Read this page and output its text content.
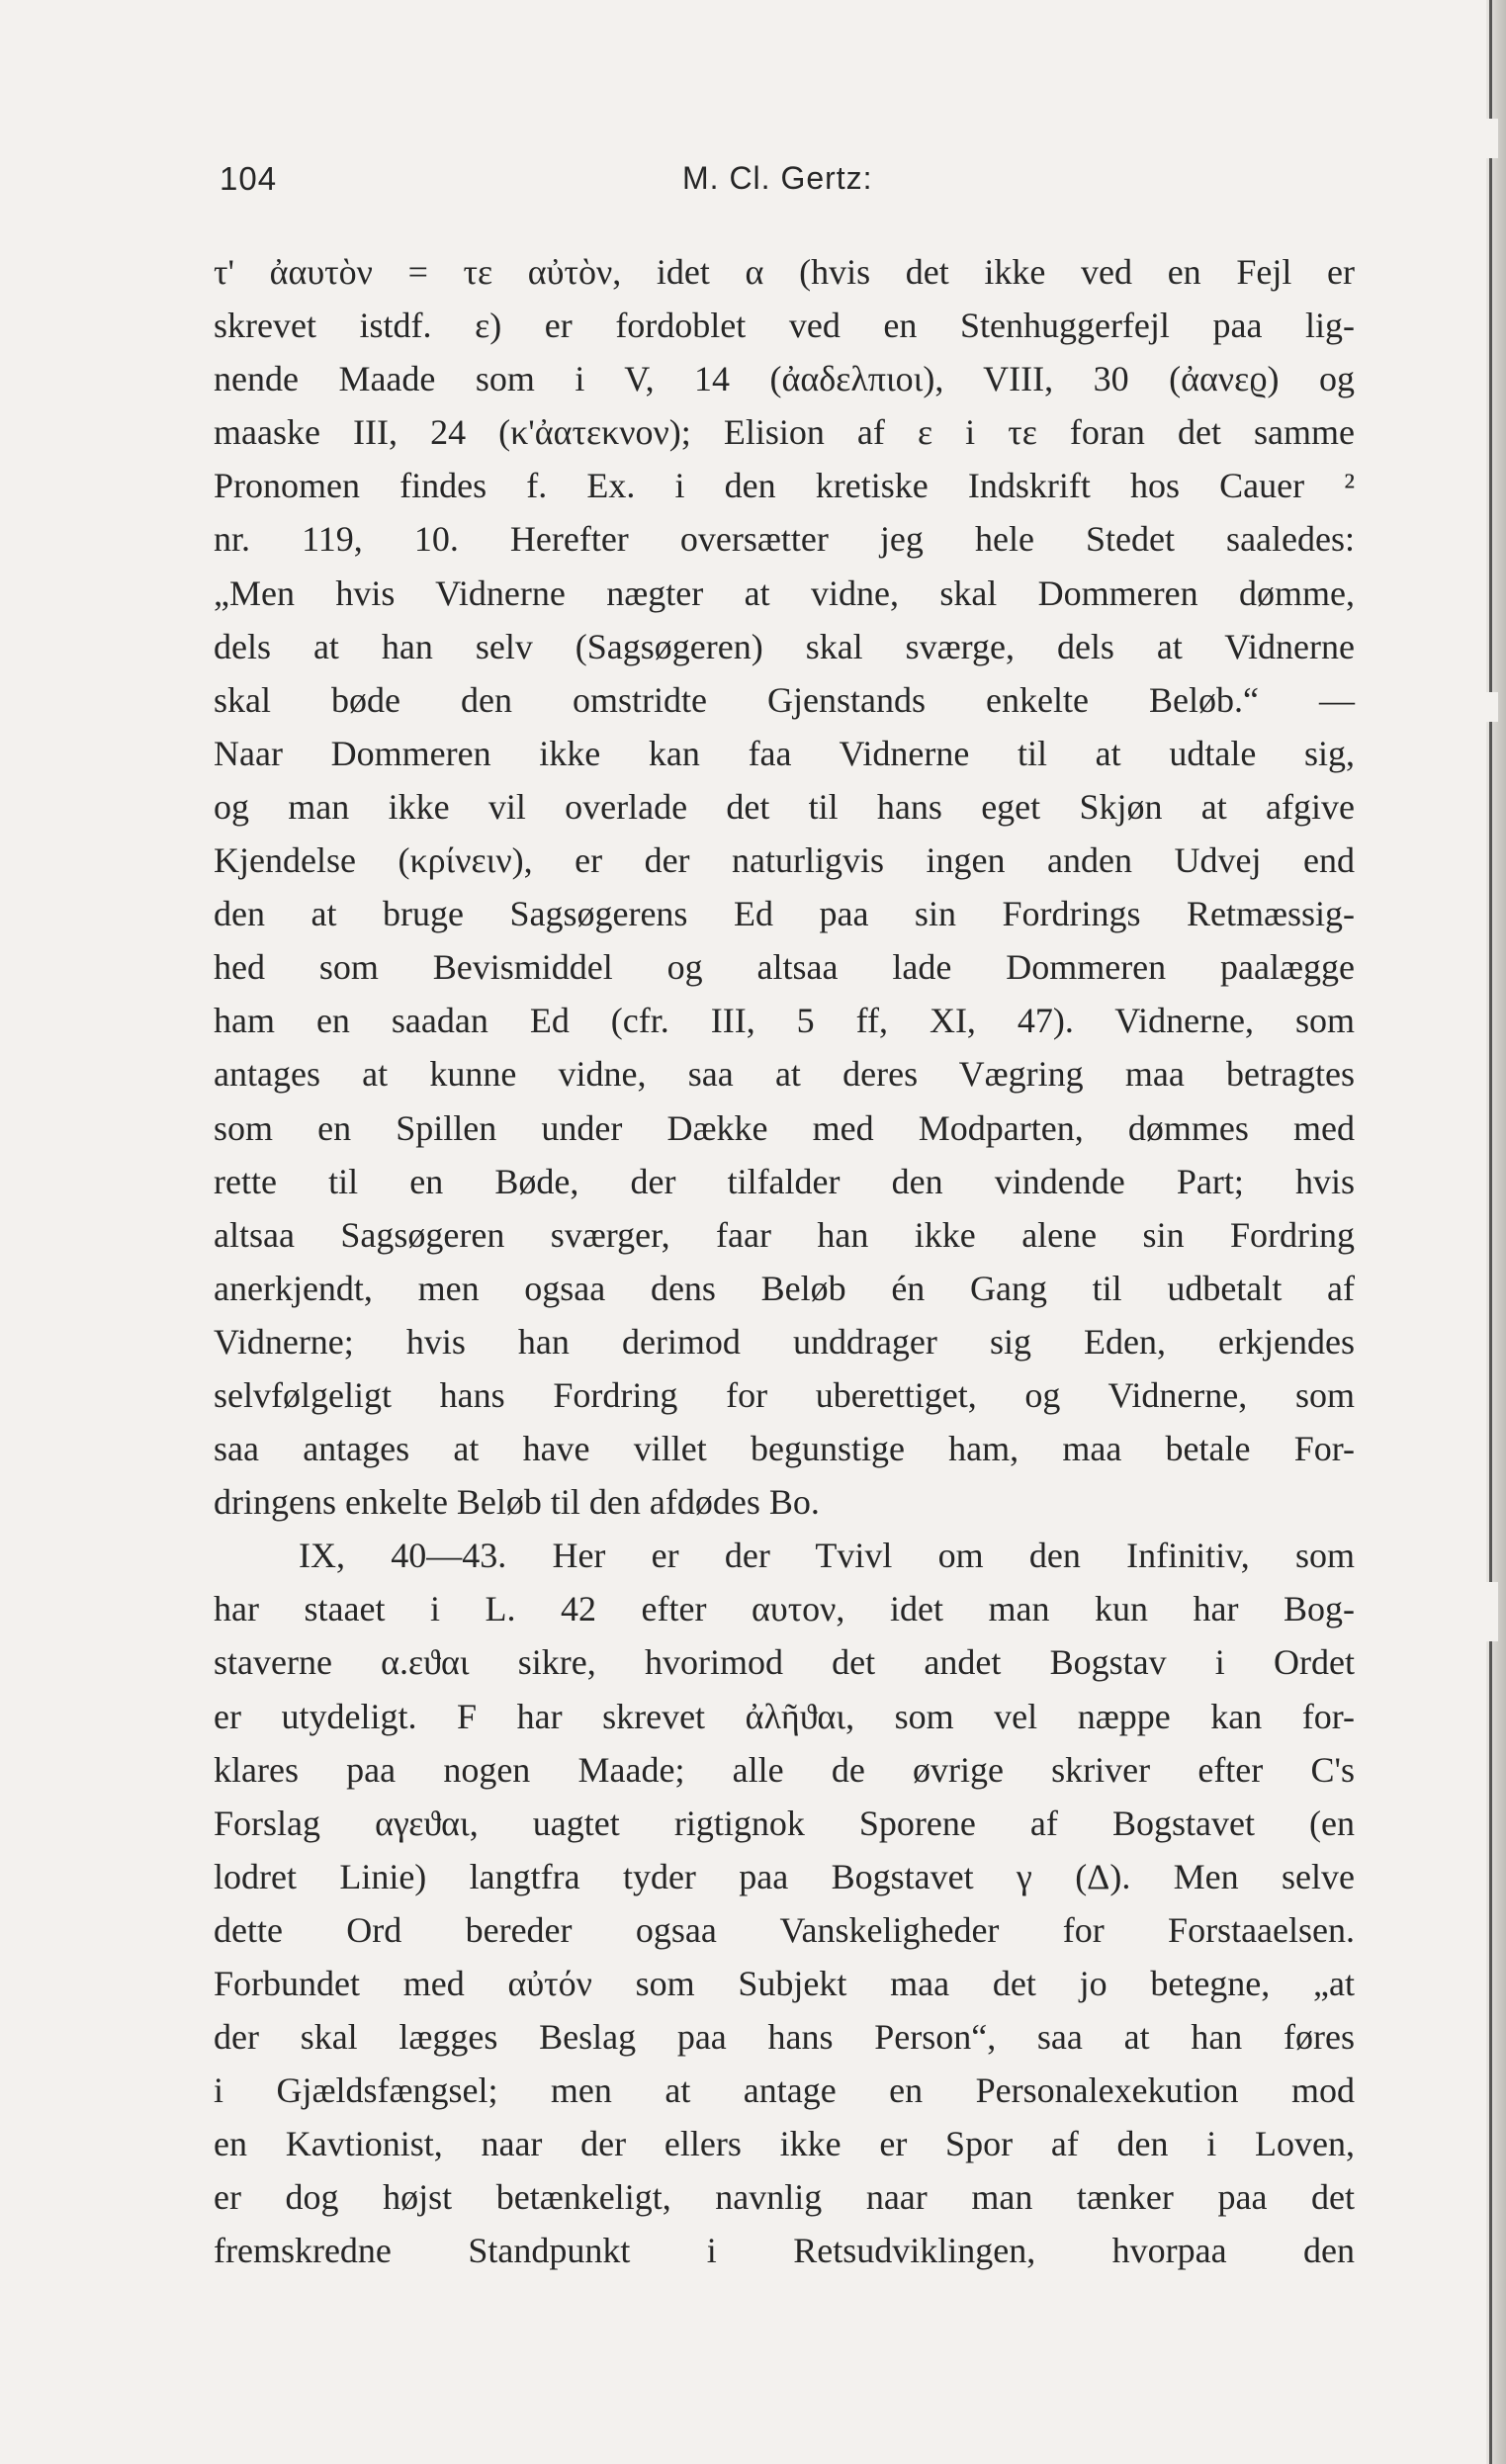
104	M. Cl. Gertz:
τ' ἀαυτὸν = τε αὐτὸν, idet α (hvis det ikke ved en Fejl er
skrevet istdf. ε) er fordoblet ved en Stenhuggerfejl paa lig-
nende Maade som i V, 14 (ἀαδελπιοι), VIII, 30 (ἀανεϱ) og
maaske III, 24 (κ'ἀατεκνον); Elision af ε i τε foran det samme
Pronomen findes f. Ex. i den kretiske Indskrift hos Cauer ²
nr. 119, 10. Herefter oversætter jeg hele Stedet saaledes:
„Men hvis Vidnerne nægter at vidne, skal Dommeren dømme,
dels at han selv (Sagsøgeren) skal sværge, dels at Vidnerne
skal bøde den omstridte Gjenstands enkelte Beløb.“ —
Naar Dommeren ikke kan faa Vidnerne til at udtale sig,
og man ikke vil overlade det til hans eget Skjøn at afgive
Kjendelse (κρίνειν), er der naturligvis ingen anden Udvej end
den at bruge Sagsøgerens Ed paa sin Fordrings Retmæssig-
hed som Bevismiddel og altsaa lade Dommeren paalægge
ham en saadan Ed (cfr. III, 5 ff, XI, 47). Vidnerne, som
antages at kunne vidne, saa at deres Vægring maa betragtes
som en Spillen under Dække med Modparten, dømmes med
rette til en Bøde, der tilfalder den vindende Part; hvis
altsaa Sagsøgeren sværger, faar han ikke alene sin Fordring
anerkjendt, men ogsaa dens Beløb én Gang til udbetalt af
Vidnerne; hvis han derimod unddrager sig Eden, erkjendes
selvfølgeligt hans Fordring for uberettiget, og Vidnerne, som
saa antages at have villet begunstige ham, maa betale For-
dringens enkelte Beløb til den afdødes Bo.
IX, 40—43. Her er der Tvivl om den Infinitiv, som
har staaet i L. 42 efter αυτον, idet man kun har Bog-
staverne α.εϑαι sikre, hvorimod det andet Bogstav i Ordet
er utydeligt. F har skrevet ἀλῆϑαι, som vel næppe kan for-
klares paa nogen Maade; alle de øvrige skriver efter C's
Forslag αγεϑαι, uagtet rigtignok Sporene af Bogstavet (en
lodret Linie) langtfra tyder paa Bogstavet γ (Δ). Men selve
dette Ord bereder ogsaa Vanskeligheder for Forstaaelsen.
Forbundet med αὐτόν som Subjekt maa det jo betegne, „at
der skal lægges Beslag paa hans Person“, saa at han føres
i Gjældsfængsel; men at antage en Personalexekution mod
en Kavtionist, naar der ellers ikke er Spor af den i Loven,
er dog højst betænkeligt, navnlig naar man tænker paa det
fremskredne Standpunkt i Retsudviklingen, hvorpaa den
